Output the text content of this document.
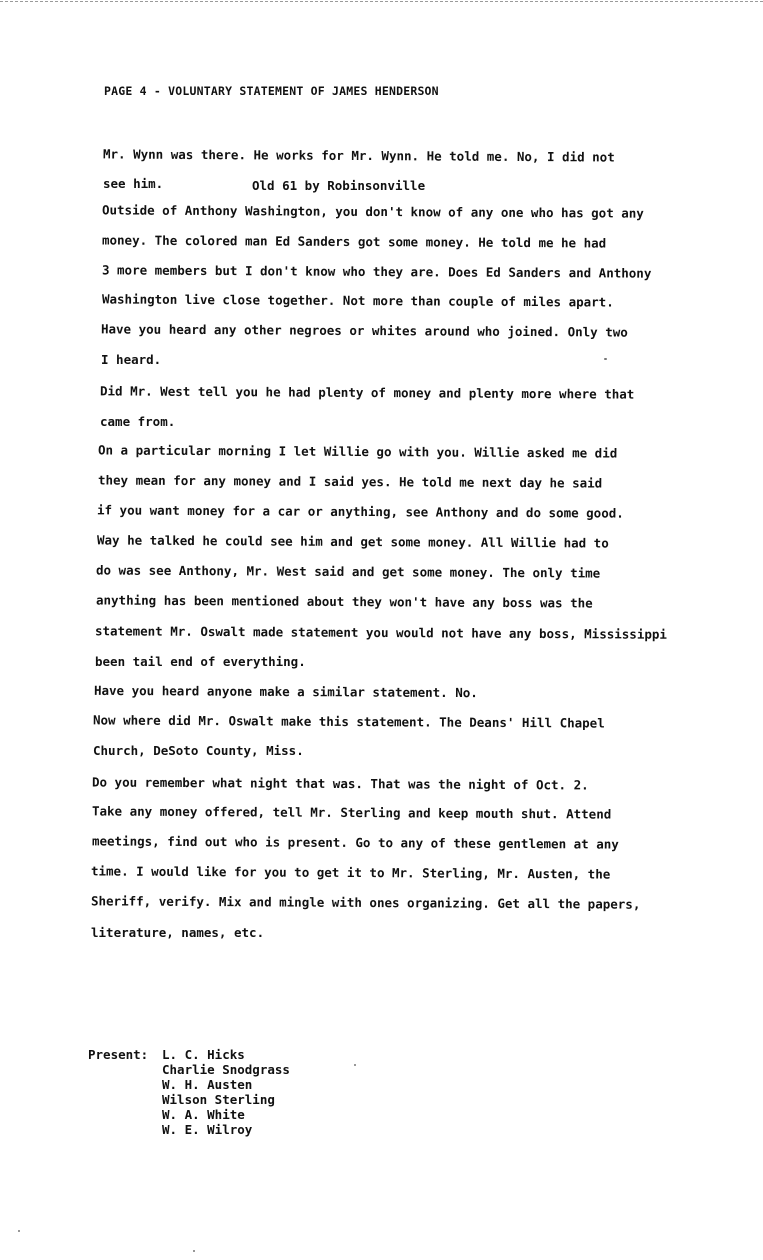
PAGE 4 - VOLUNTARY STATEMENT OF JAMES HENDERSON
Mr. Wynn was there. He works for Mr. Wynn. He told me. No, I did not
see him.	Old 61 by Robinsonville
Outside of Anthony Washington, you don't know of any one who has got any
money. The colored man Ed Sanders got some money. He told me he had
3 more members but I don't know who they are. Does Ed Sanders and Anthony
Washington live close together. Not more than couple of miles apart.
Have you heard any other negroes or whites around who joined. Only two
I heard.
Did Mr. West tell you he had plenty of money and plenty more where that
came from.
On a particular morning I let Willie go with you. Willie asked me did
they mean for any money and I said yes. He told me next day he said
if you want money for a car or anything, see Anthony and do some good.
Way he talked he could see him and get some money. All Willie had to
do was see Anthony, Mr. West said and get some money. The only time
anything has been mentioned about they won't have any boss was the
statement Mr. Oswalt made statement you would not have any boss, Mississippi
been tail end of everything.
Have you heard anyone make a similar statement. No.
Now where did Mr. Oswalt make this statement. The Deans' Hill Chapel
Church, DeSoto County, Miss.
Do you remember what night that was. That was the night of Oct. 2.
Take any money offered, tell Mr. Sterling and keep mouth shut. Attend
meetings, find out who is present. Go to any of these gentlemen at any
time. I would like for you to get it to Mr. Sterling, Mr. Austen, the
Sheriff, verify. Mix and mingle with ones organizing. Get all the papers,
literature, names, etc.
Present: L. C. Hicks
Charlie Snodgrass
W. H. Austen
Wilson Sterling
W. A. White
W. E. Wilroy
